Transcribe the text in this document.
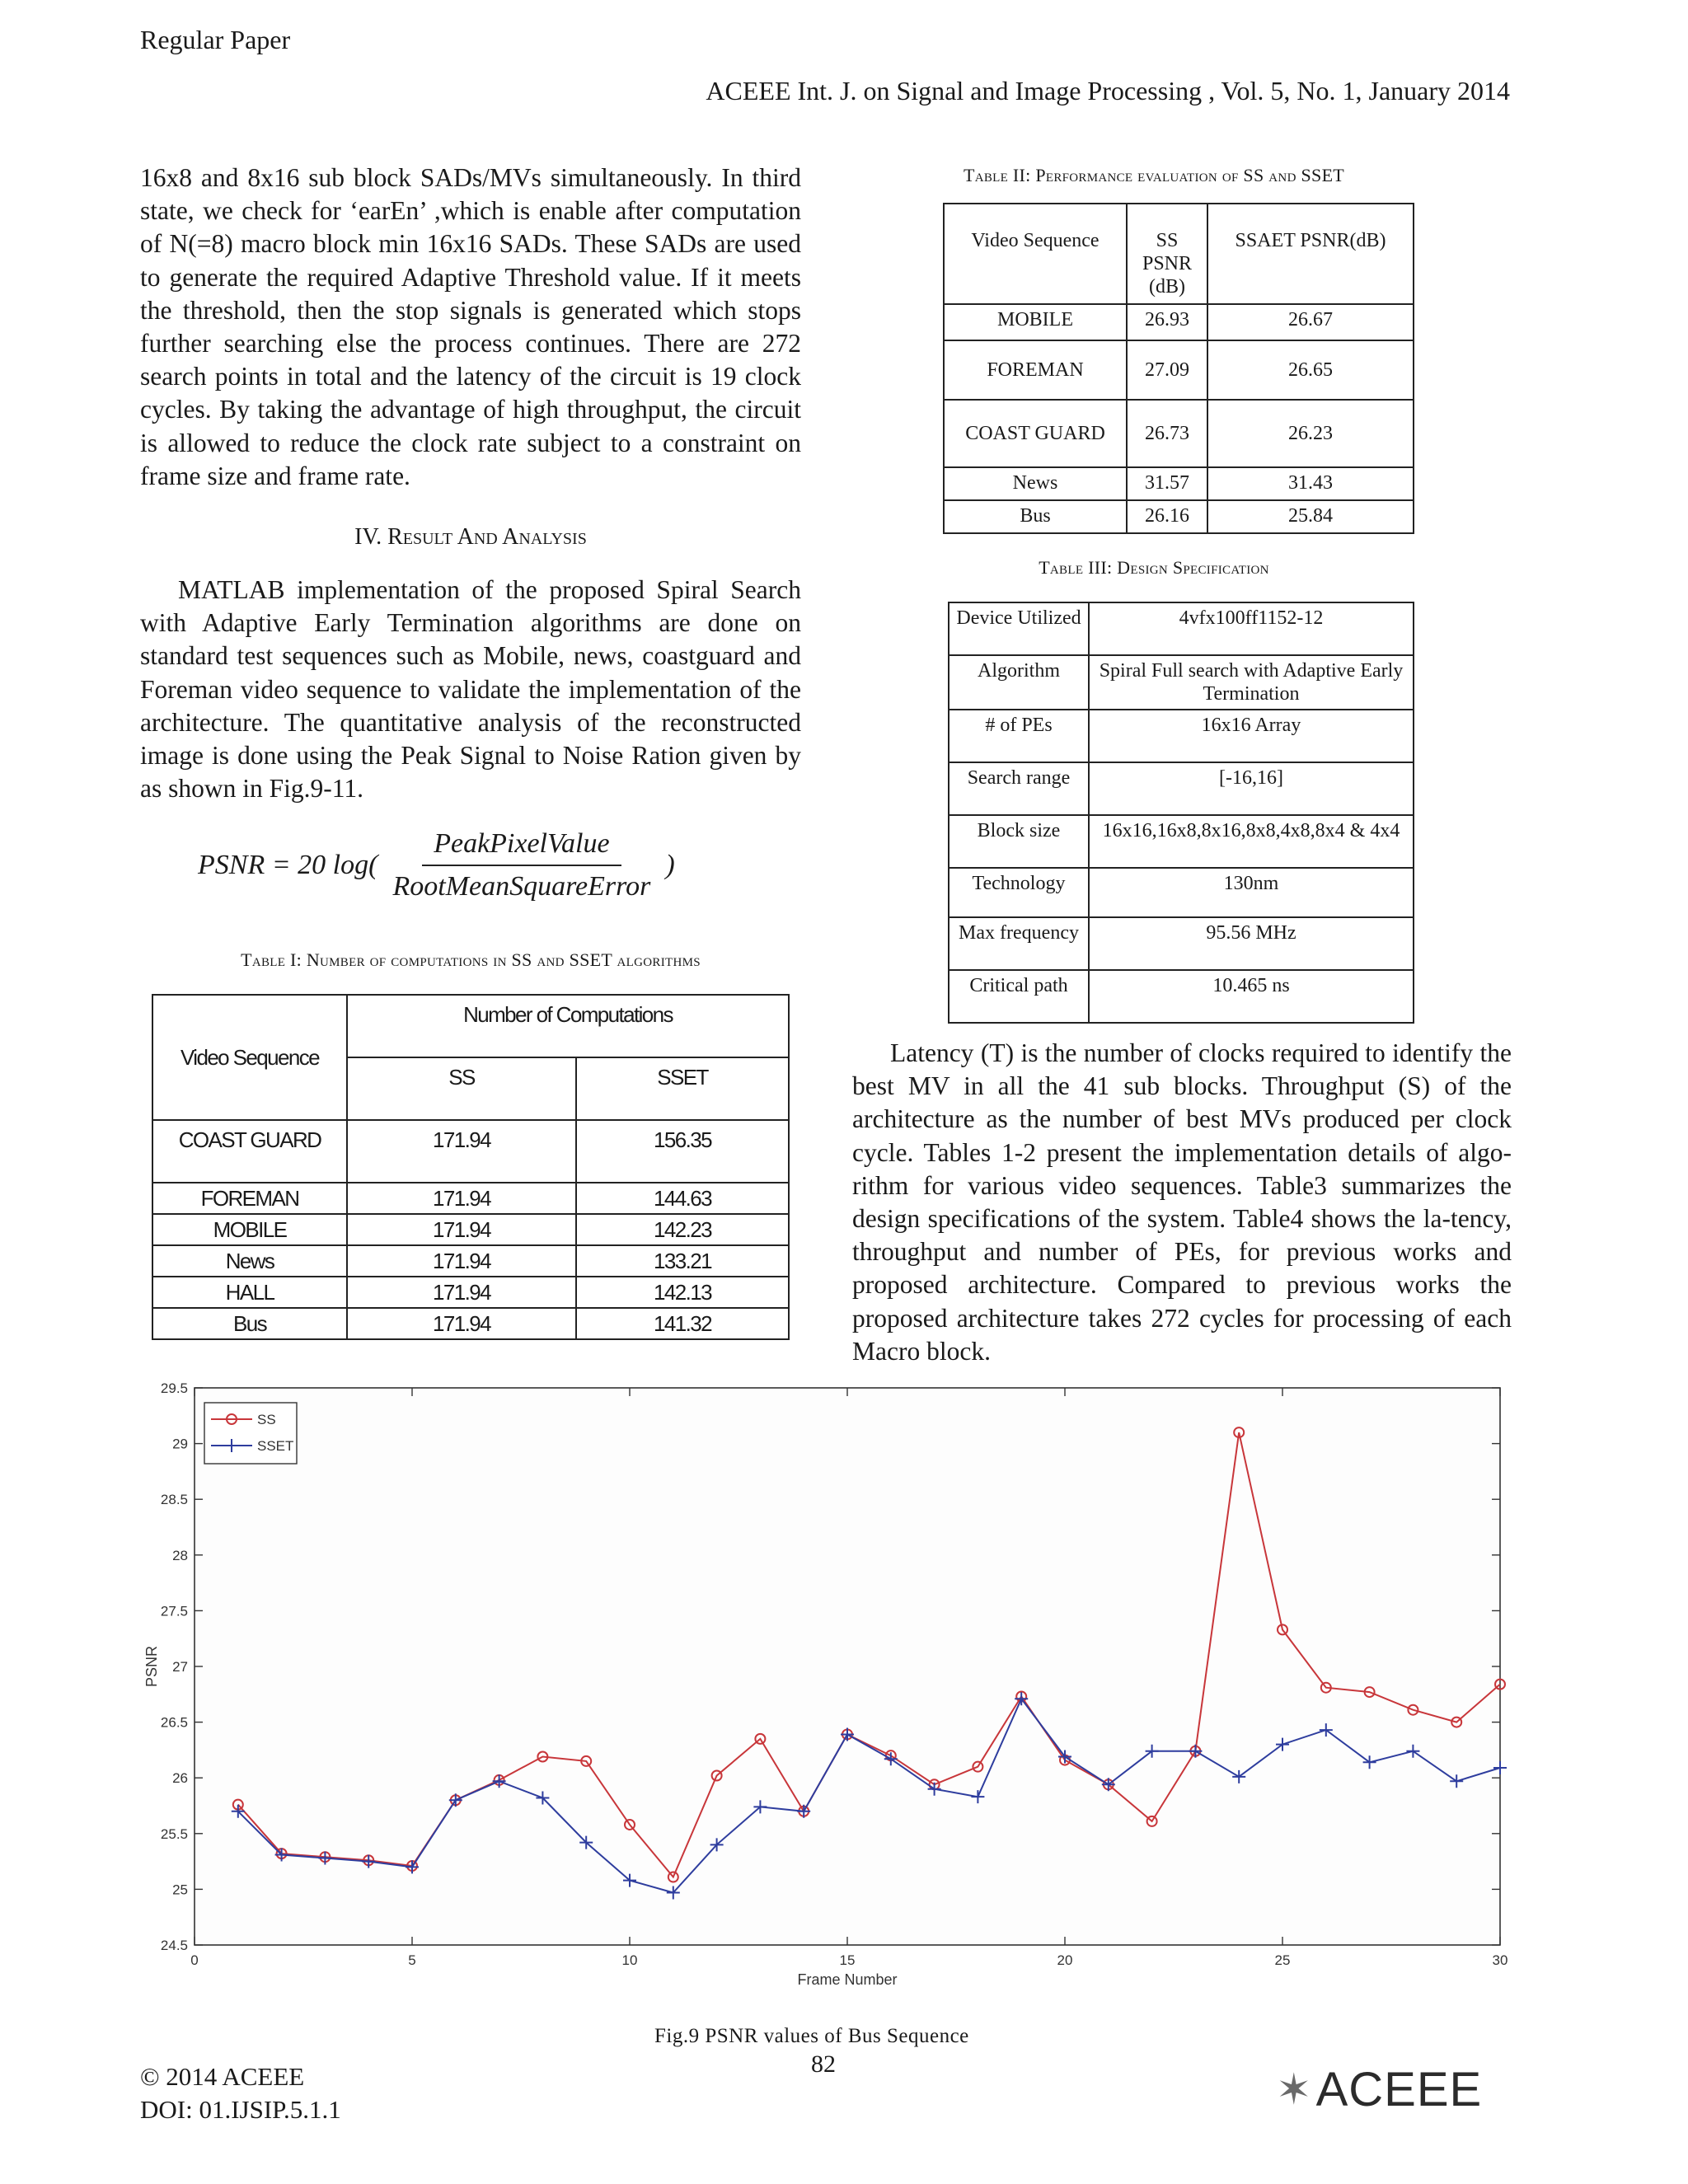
Regular Paper
ACEEE Int. J. on Signal and Image Processing , Vol. 5, No. 1, January 2014

16x8 and 8x16 sub block SADs/MVs simultaneously. In third state, we check for ‘earEn’ ,which is enable after computation of N(=8) macro block min 16x16 SADs. These SADs are used to generate the required Adaptive Threshold value. If it meets the threshold, then the stop signals is generated which stops further searching else the process continues. There are 272 search points in total and the latency of the circuit is 19 clock cycles. By taking the advantage of high throughput, the circuit is allowed to reduce the clock rate subject to a constraint on frame size and frame rate.

IV. Result And Analysis

MATLAB implementation of the proposed Spiral Search with Adaptive Early Termination algorithms are done on standard test sequences such as Mobile, news, coastguard and Foreman video sequence to validate the implementation of the architecture. The quantitative analysis of the reconstructed image is done using the Peak Signal to Noise Ration given by as shown in Fig.9-11.

PSNR = 20 $\log( \frac{\text{PeakPixelValue}}{\text{RootMeanSquareError}}$ )
Table I: Number of computations in SS and SSET algorithms
Video Sequence	Number of Computations	
	SS	SSET
COAST GUARD	171.94	156.35
FOREMAN	171.94	144.63
MOBILE	171.94	142.23
News	171.94	133.21
HALL	171.94	142.13
Bus	171.94	141.32
Table II: Performance evaluation of SS and SSET
Video Sequence	SS PSNR (dB)	SSAET PSNR(dB)
MOBILE	26.93	26.67
FOREMAN	27.09	26.65
COAST GUARD	26.73	26.23
News	31.57	31.43
Bus	26.16	25.84
Table III: Design Specification
Device Utilized	4vfx100ff1152-12
Algorithm	Spiral Full search with Adaptive Early Termination
# of PEs	16x16 Array
Search range	[-16,16]
Block size	16x16,16x8,8x16,8x8,4x8,8x4 & 4x4
Technology	130nm
Max frequency	95.56 MHz
Critical path	10.465 ns

Latency (T) is the number of clocks required to identify the best MV in all the 41 sub blocks. Throughput (S) of the architecture as the number of best MVs produced per clock cycle. Tables 1-2 present the implementation details of algo-rithm for various video sequences. Table3 summarizes the design specifications of the system. Table4 shows the la-tency, throughput and number of PEs, for previous works and proposed architecture. Compared to previous works the proposed architecture takes 272 cycles for processing of each Macro block.

24.5
25
25.5
26
26.5
27
27.5
28
28.5
29
29.5
0	5	10	15	20	25	30
PSNR
Frame Number
SS
SSET
Fig.9 PSNR values of Bus Sequence
© 2014 ACEEE
DOI: 01.IJSIP.5.1.1
82
✶ ACEEE
